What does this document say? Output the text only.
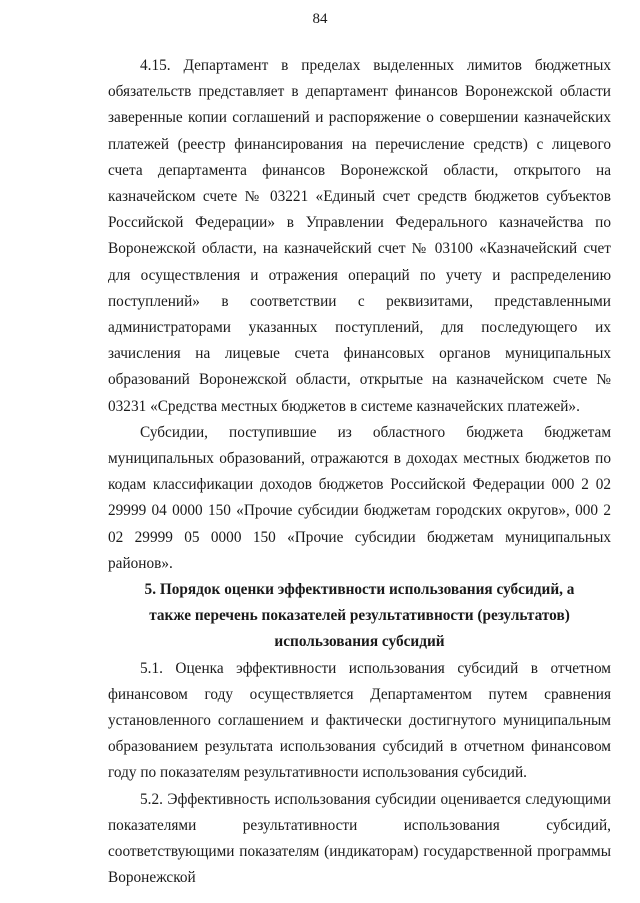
84

4.15. Департамент в пределах выделенных лимитов бюджетных обязательств представляет в департамент финансов Воронежской области заверенные копии соглашений и распоряжение о совершении казначейских платежей (реестр финансирования на перечисление средств) с лицевого счета департамента финансов Воронежской области, открытого на казначейском счете № 03221 «Единый счет средств бюджетов субъектов Российской Федерации» в Управлении Федерального казначейства по Воронежской области, на казначейский счет № 03100 «Казначейский счет для осуществления и отражения операций по учету и распределению поступлений» в соответствии с реквизитами, представленными администраторами указанных поступлений, для последующего их зачисления на лицевые счета финансовых органов муниципальных образований Воронежской области, открытые на казначейском счете № 03231 «Средства местных бюджетов в системе казначейских платежей».

Субсидии, поступившие из областного бюджета бюджетам муниципальных образований, отражаются в доходах местных бюджетов по кодам классификации доходов бюджетов Российской Федерации 000 2 02 29999 04 0000 150 «Прочие субсидии бюджетам городских округов», 000 2 02 29999 05 0000 150 «Прочие субсидии бюджетам муниципальных районов».

5. Порядок оценки эффективности использования субсидий, а
также перечень показателей результативности (результатов)
использования субсидий

5.1. Оценка эффективности использования субсидий в отчетном финансовом году осуществляется Департаментом путем сравнения установленного соглашением и фактически достигнутого муниципальным образованием результата использования субсидий в отчетном финансовом году по показателям результативности использования субсидий.

5.2. Эффективность использования субсидии оценивается следующими показателями результативности использования субсидий, соответствующими показателям (индикаторам) государственной программы Воронежской
